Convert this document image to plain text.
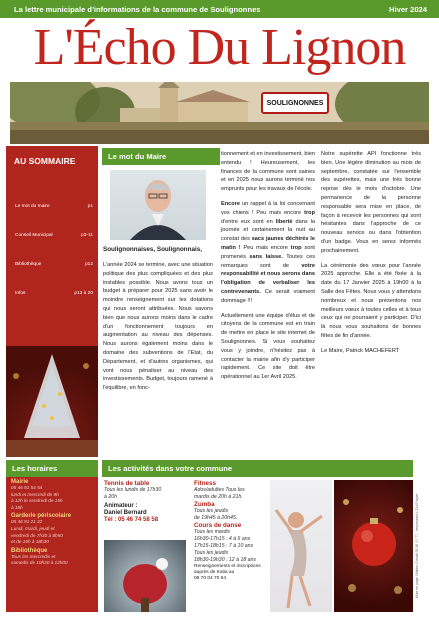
La lettre municipale d'informations de la commune de Soulignonnes	Hiver 2024
L'Écho Du Lignon
SOULIGNONNES
AU SOMMAIRE
Le mot du maire	p1
Conseil Municipal	p3-11
Bibliothèque	p12
Infos	p13 à 20
Le mot du Maire
Soulignonnaises, Soulignonnais,

L'année 2024 se termine, avec une situation politique des plus compliquées et des plus instables possible. Nous avons tous un budget à préparer pour 2025 sans avoir le moindre renseignement sur les dotations qui nous seront attribuées. Nous savons bien que nous aurons moins dans le cadre d'un fonctionnement toujours en augmentation au niveau des dépenses. Nous aurons également moins dans le domaine des subventions de l'Etat, du Département, et d'autres organismes, qui vont nous pénaliser au niveau des investissements. Budget, toujours ramené à l'équilibre, en fonc-

tionnement et en investissement, bien entendu ! Heureusement, les finances de la commune sont saines et en 2025 nous aurons terminé nos emprunts pour les travaux de l'école.

Encore un rappel à la loi concernant vos chiens ! Peu mais encore trop d'entre eux sont en liberté dans la journée et certainement la nuit au constat des sacs jaunes déchirés le matin ! Peu mais encore trop sont promenés sans laisse. Toutes ces remarques sont de votre responsabilité et nous serons dans l'obligation de verbaliser les contrevenants. Ce serait vraiment dommage !!!

Actuellement une équipe d'élus et de citoyens de la commune est en train de mettre en place le site internet de Soulignonnes. Si vous souhaitez vous y joindre, n'hésitez pas à contacter la mairie afin d'y participer rapidement. Ce site doit être opérationnel au 1er Avril 2025.

Notre supérette API fonctionne très bien. Une légère diminution au mois de septembre, constatée sur l'ensemble des supérettes, mais une très bonne reprise dès le mois d'octobre. Une permanence de la personne responsable sera mise en place, de façon à recevoir les personnes qui sont hésitantes dans l'approche de ce nouveau service ou dans l'obtention d'un badge. Vous en serez informés prochainement.

La cérémonie des vœux pour l'année 2025 approche. Elle a été fixée à la date du 17 Janvier 2025 à 19h00 à la Salle des Fêtes. Nous vous y attendons nombreux et nous présentons nos meilleurs vœux à toutes celles et à tous ceux qui ne pourraient y participer. D'ici là nous vous souhaitons de bonnes fêtes de fin d'année.

Le Maire, Patrick MACHEFERT

Les horaires
Mairie
05 46 91 54 54
lundi et mercredi de 9h
à 12h le vendredi de 15h
à 18h
Garderie périscolaire
05 46 91 21 22
Lundi, mardi, jeudi et
vendredi de 7h30 à 8h50
et de 16h à 18h30
Bibliothèque
Tous les mercredis et
samedis de 10h30 à 12h00
Les activités dans votre commune
Tennis de table
Tous les lundis de 17h30
à 20h
Animateur :
Daniel Bernard
Tél : 05 46 74 58 58
Fitness
Ados/adultes Tous les
mardis de 20h à 21h.
Zumba
Tous les jeudis
de 19h45 à 20h45.
Cours de danse
Tous les mardis
16h30-17h15 : 4 à 6 ans
17h15-18h15 : 7 à 10 ans
Tous les jeudis
18h30-19h30 : 12 à 18 ans
Renseignements et inscriptions
auprès de Katia au
06 70 04 70 64	Mise en page l'Atelier Créatif 05 46 17 77 - Impression L'Ouï Papier
